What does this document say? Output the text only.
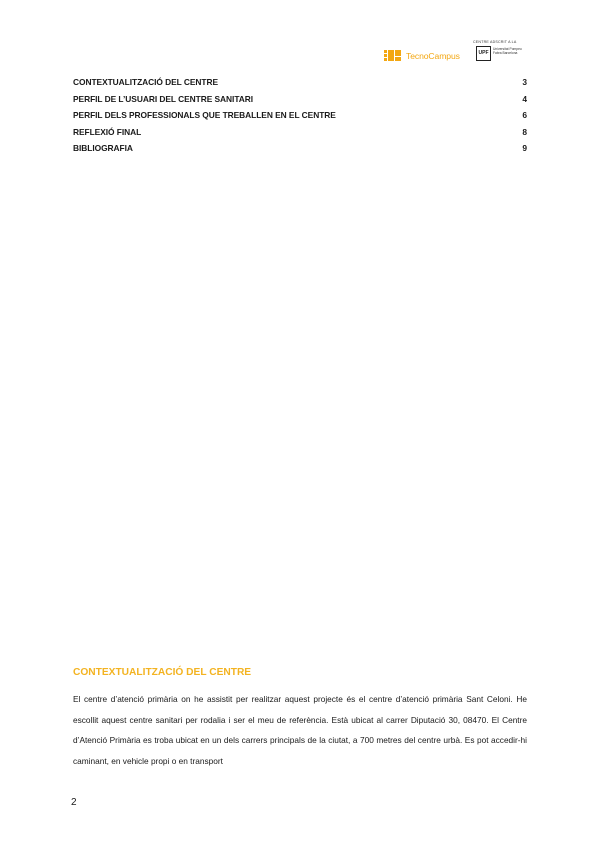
TecnoCampus
CENTRE ADSCRIT A LA
UPF
Universitat Pompeu Fabra Barcelona
CONTEXTUALITZACIÓ DEL CENTRE	3
PERFIL DE L’USUARI DEL CENTRE SANITARI	4
PERFIL DELS PROFESSIONALS QUE TREBALLEN EN EL CENTRE	6
REFLEXIÓ FINAL	8
BIBLIOGRAFIA	9
CONTEXTUALITZACIÓ DEL CENTRE

El centre d’atenció primària on he assistit per realitzar aquest projecte és el centre d’atenció primària Sant Celoni. He escollit aquest centre sanitari per rodalia i ser el meu de referència. Està ubicat al carrer Diputació 30, 08470. El Centre d’Atenció Primària es troba ubicat en un dels carrers principals de la ciutat, a 700 metres del centre urbà. Es pot accedir-hi caminant, en vehicle propi o en transport

2
